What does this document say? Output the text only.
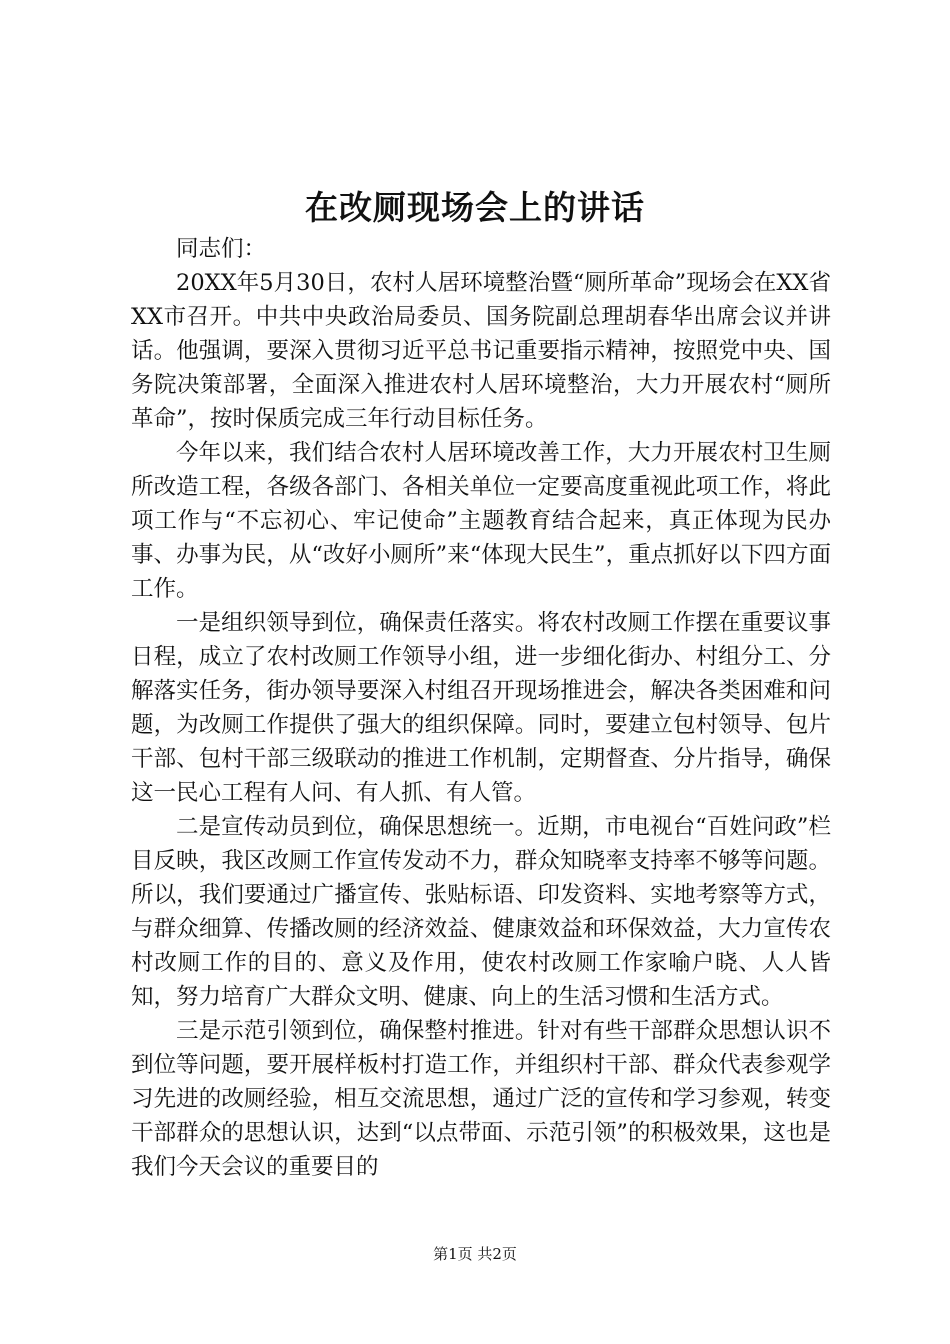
在改厕现场会上的讲话

同志们：

20XX年5月30日，农村人居环境整治暨“厕所革命”现场会在XX省XX市召开。中共中央政治局委员、国务院副总理胡春华出席会议并讲话。他强调，要深入贯彻习近平总书记重要指示精神，按照党中央、国务院决策部署，全面深入推进农村人居环境整治，大力开展农村“厕所革命”，按时保质完成三年行动目标任务。

今年以来，我们结合农村人居环境改善工作，大力开展农村卫生厕所改造工程，各级各部门、各相关单位一定要高度重视此项工作，将此项工作与“不忘初心、牢记使命”主题教育结合起来，真正体现为民办事、办事为民，从“改好小厕所”来“体现大民生”，重点抓好以下四方面工作。

一是组织领导到位，确保责任落实。将农村改厕工作摆在重要议事日程，成立了农村改厕工作领导小组，进一步细化街办、村组分工、分解落实任务，街办领导要深入村组召开现场推进会，解决各类困难和问题，为改厕工作提供了强大的组织保障。同时，要建立包村领导、包片干部、包村干部三级联动的推进工作机制，定期督查、分片指导，确保这一民心工程有人问、有人抓、有人管。

二是宣传动员到位，确保思想统一。近期，市电视台“百姓问政”栏目反映，我区改厕工作宣传发动不力，群众知晓率支持率不够等问题。所以，我们要通过广播宣传、张贴标语、印发资料、实地考察等方式，与群众细算、传播改厕的经济效益、健康效益和环保效益，大力宣传农村改厕工作的目的、意义及作用，使农村改厕工作家喻户晓、人人皆知，努力培育广大群众文明、健康、向上的生活习惯和生活方式。

三是示范引领到位，确保整村推进。针对有些干部群众思想认识不到位等问题，要开展样板村打造工作，并组织村干部、群众代表参观学习先进的改厕经验，相互交流思想，通过广泛的宣传和学习参观，转变干部群众的思想认识，达到“以点带面、示范引领”的积极效果，这也是我们今天会议的重要目的

第1页 共2页
